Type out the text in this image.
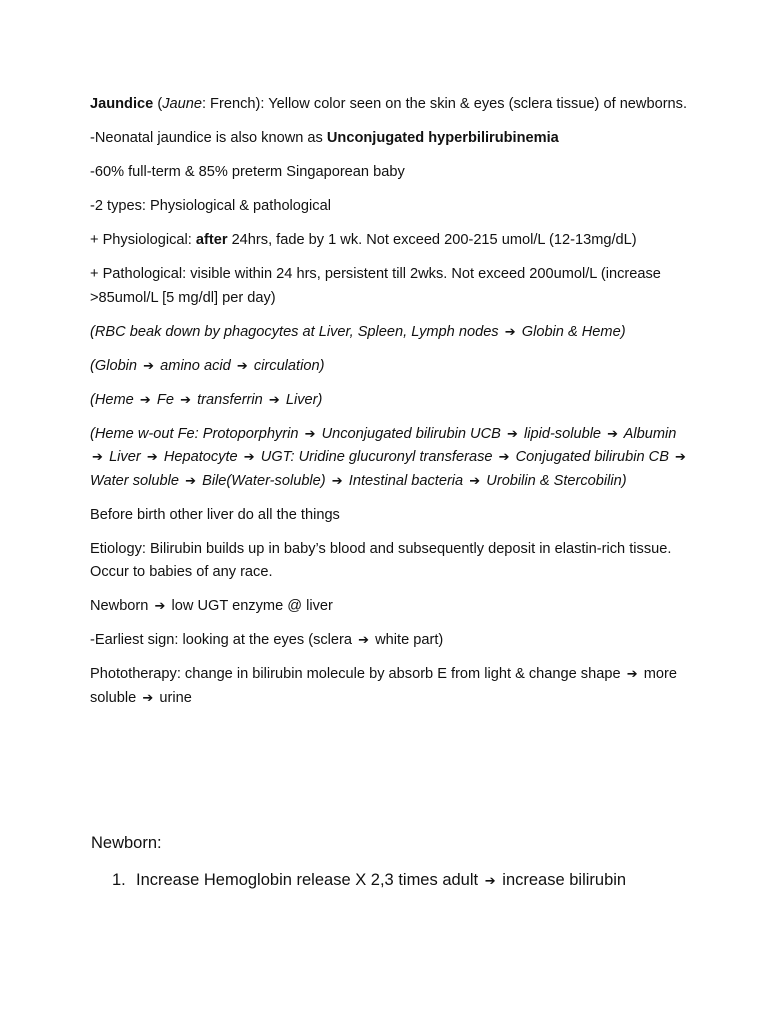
Jaundice (Jaune: French): Yellow color seen on the skin & eyes (sclera tissue) of newborns.

-Neonatal jaundice is also known as Unconjugated hyperbilirubinemia

-60% full-term & 85% preterm Singaporean baby

-2 types: Physiological & pathological

+ Physiological: after 24hrs, fade by 1 wk. Not exceed 200-215 umol/L (12-13mg/dL)

+ Pathological: visible within 24 hrs, persistent till 2wks. Not exceed 200umol/L (increase >85umol/L [5 mg/dl] per day)

(RBC beak down by phagocytes at Liver, Spleen, Lymph nodes ➔ Globin & Heme)

(Globin ➔ amino acid ➔ circulation)

(Heme ➔ Fe ➔ transferrin ➔ Liver)

(Heme w-out Fe: Protoporphyrin ➔ Unconjugated bilirubin UCB ➔ lipid-soluble ➔ Albumin ➔ Liver ➔ Hepatocyte ➔ UGT: Uridine glucuronyl transferase ➔ Conjugated bilirubin CB ➔ Water soluble ➔ Bile(Water-soluble) ➔ Intestinal bacteria ➔ Urobilin & Stercobilin)

Before birth other liver do all the things

Etiology: Bilirubin builds up in baby’s blood and subsequently deposit in elastin-rich tissue. Occur to babies of any race.

Newborn ➔ low UGT enzyme @ liver

-Earliest sign: looking at the eyes (sclera ➔ white part)

Phototherapy: change in bilirubin molecule by absorb E from light & change shape ➔ more soluble ➔ urine

Newborn:

1. Increase Hemoglobin release X 2,3 times adult ➔ increase bilirubin
